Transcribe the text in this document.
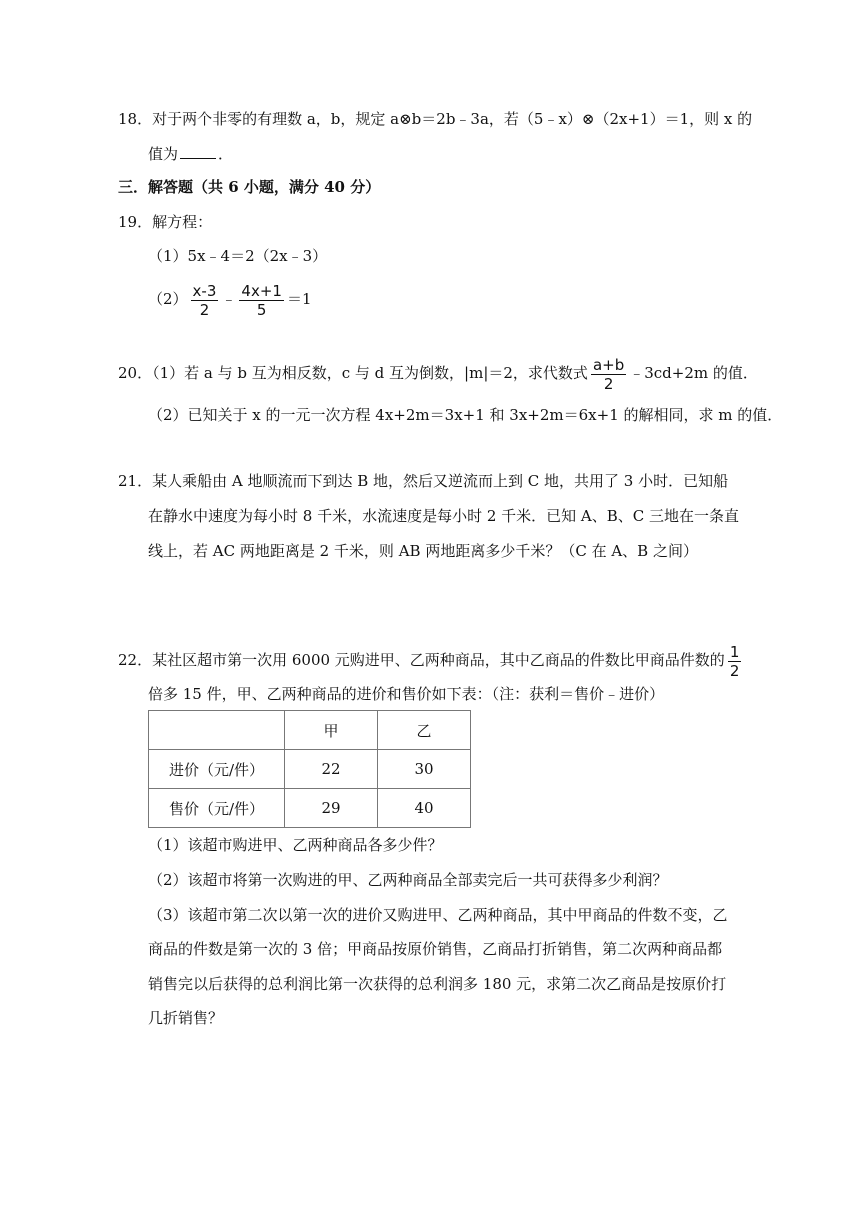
18．对于两个非零的有理数 a，b，规定 a⊗b＝2b﹣3a，若（5﹣x）⊗（2x+1）＝1，则 x 的
值为	．
三．解答题（共 6 小题，满分 40 分）
19．解方程：
（1）5x﹣4＝2（2x﹣3）
$(2) \frac{x-3}{2}$ ﹣ $\frac{4x+1}{5} =1$
20．（1）若 a 与 b 互为相反数，c 与 d 互为倒数，|m|＝2，求代数式 $\frac{a+b}{2}$ ﹣3cd+2m 的值．
（2）已知关于 x 的一元一次方程 4x+2m＝3x+1 和 3x+2m＝6x+1 的解相同，求 m 的值．
21．某人乘船由 A 地顺流而下到达 B 地，然后又逆流而上到 C 地，共用了 3 小时．已知船
在静水中速度为每小时 8 千米，水流速度是每小时 2 千米．已知 A、B、C 三地在一条直
线上，若 AC 两地距离是 2 千米，则 AB 两地距离多少千米？（C 在 A、B 之间）
22．某社区超市第一次用 6000 元购进甲、乙两种商品，其中乙商品的件数比甲商品件数的 $\frac{1}{2}$
倍多 15 件，甲、乙两种商品的进价和售价如下表：（注：获利＝售价﹣进价）
	甲	乙
进价（元/件）	22	30
售价（元/件）	29	40
（1）该超市购进甲、乙两种商品各多少件？
（2）该超市将第一次购进的甲、乙两种商品全部卖完后一共可获得多少利润？
（3）该超市第二次以第一次的进价又购进甲、乙两种商品，其中甲商品的件数不变，乙
商品的件数是第一次的 3 倍；甲商品按原价销售，乙商品打折销售，第二次两种商品都
销售完以后获得的总利润比第一次获得的总利润多 180 元，求第二次乙商品是按原价打
几折销售？
